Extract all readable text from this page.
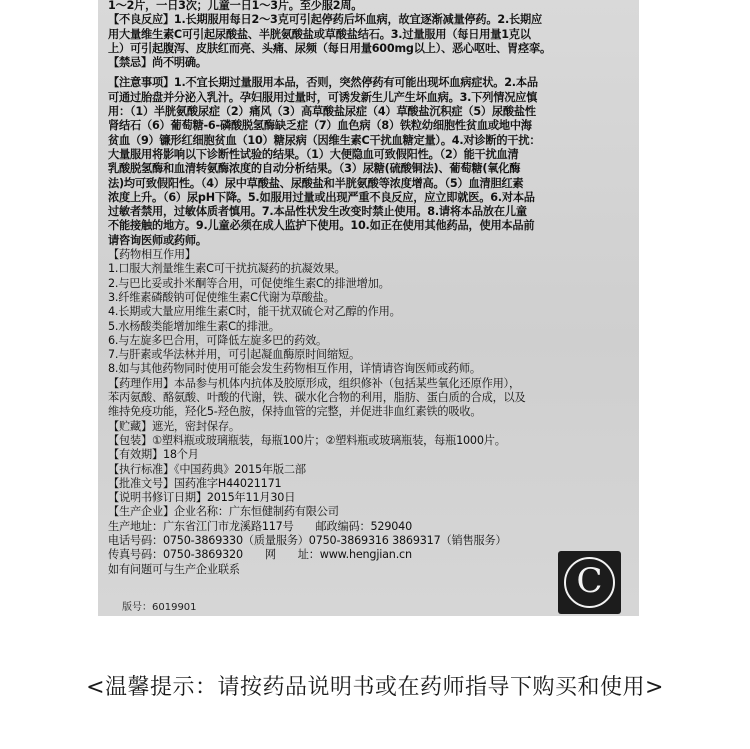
1～2片，一日3次；儿童一日1～3片。至少服2周。

【不良反应】1.长期服用每日2～3克可引起停药后坏血病，故宜逐渐减量停药。2.长期应

用大量维生素C可引起尿酸盐、半胱氨酸盐或草酸盐结石。3.过量服用（每日用量1克以

上）可引起腹泻、皮肤红而亮、头痛、尿频（每日用量600mg以上）、恶心呕吐、胃痉挛。

【禁忌】尚不明确。

【注意事项】1.不宜长期过量服用本品，否则，突然停药有可能出现坏血病症状。2.本品

可通过胎盘并分泌入乳汁。孕妇服用过量时，可诱发新生儿产生坏血病。3.下列情况应慎

用：（1）半胱氨酸尿症（2）痛风（3）高草酸盐尿症（4）草酸盐沉积症（5）尿酸盐性

肾结石（6）葡萄糖-6-磷酸脱氢酶缺乏症（7）血色病（8）铁粒幼细胞性贫血或地中海

贫血（9）镰形红细胞贫血（10）糖尿病（因维生素C干扰血糖定量）。4.对诊断的干扰：

大量服用将影响以下诊断性试验的结果。（1）大便隐血可致假阳性。（2）能干扰血清

乳酸脱氢酶和血清转氨酶浓度的自动分析结果。（3）尿糖(硫酸铜法)、葡萄糖(氧化酶

法)均可致假阳性。（4）尿中草酸盐、尿酸盐和半胱氨酸等浓度增高。（5）血清胆红素

浓度上升。（6）尿pH下降。5.如服用过量或出现严重不良反应，应立即就医。6.对本品

过敏者禁用，过敏体质者慎用。7.本品性状发生改变时禁止使用。8.请将本品放在儿童

不能接触的地方。9.儿童必须在成人监护下使用。10.如正在使用其他药品，使用本品前

请咨询医师或药师。

【药物相互作用】

1.口服大剂量维生素C可干扰抗凝药的抗凝效果。

2.与巴比妥或扑米酮等合用，可促使维生素C的排泄增加。

3.纤维素磷酸钠可促使维生素C代谢为草酸盐。

4.长期或大量应用维生素C时，能干扰双硫仑对乙醇的作用。

5.水杨酸类能增加维生素C的排泄。

6.与左旋多巴合用，可降低左旋多巴的药效。

7.与肝素或华法林并用，可引起凝血酶原时间缩短。

8.如与其他药物同时使用可能会发生药物相互作用，详情请咨询医师或药师。

【药理作用】本品参与机体内抗体及胶原形成，组织修补（包括某些氧化还原作用），

苯丙氨酸、酪氨酸、叶酸的代谢，铁、碳水化合物的利用，脂肪、蛋白质的合成，以及

维持免疫功能，羟化5-羟色胺，保持血管的完整，并促进非血红素铁的吸收。

【贮藏】遮光，密封保存。

【包装】①塑料瓶或玻璃瓶装，每瓶100片；②塑料瓶或玻璃瓶装，每瓶1000片。

【有效期】18个月

【执行标准】《中国药典》2015年版二部

【批准文号】国药准字H44021171

【说明书修订日期】2015年11月30日

【生产企业】企业名称：广东恒健制药有限公司

生产地址：广东省江门市龙溪路117号　　邮政编码：529040

电话号码：0750-3869330（质量服务）0750-3869316 3869317（销售服务）

传真号码：0750-3869320　　网　　址：www.hengjian.cn

如有问题可与生产企业联系

版号：6019901
C
<温馨提示：请按药品说明书或在药师指导下购买和使用>
